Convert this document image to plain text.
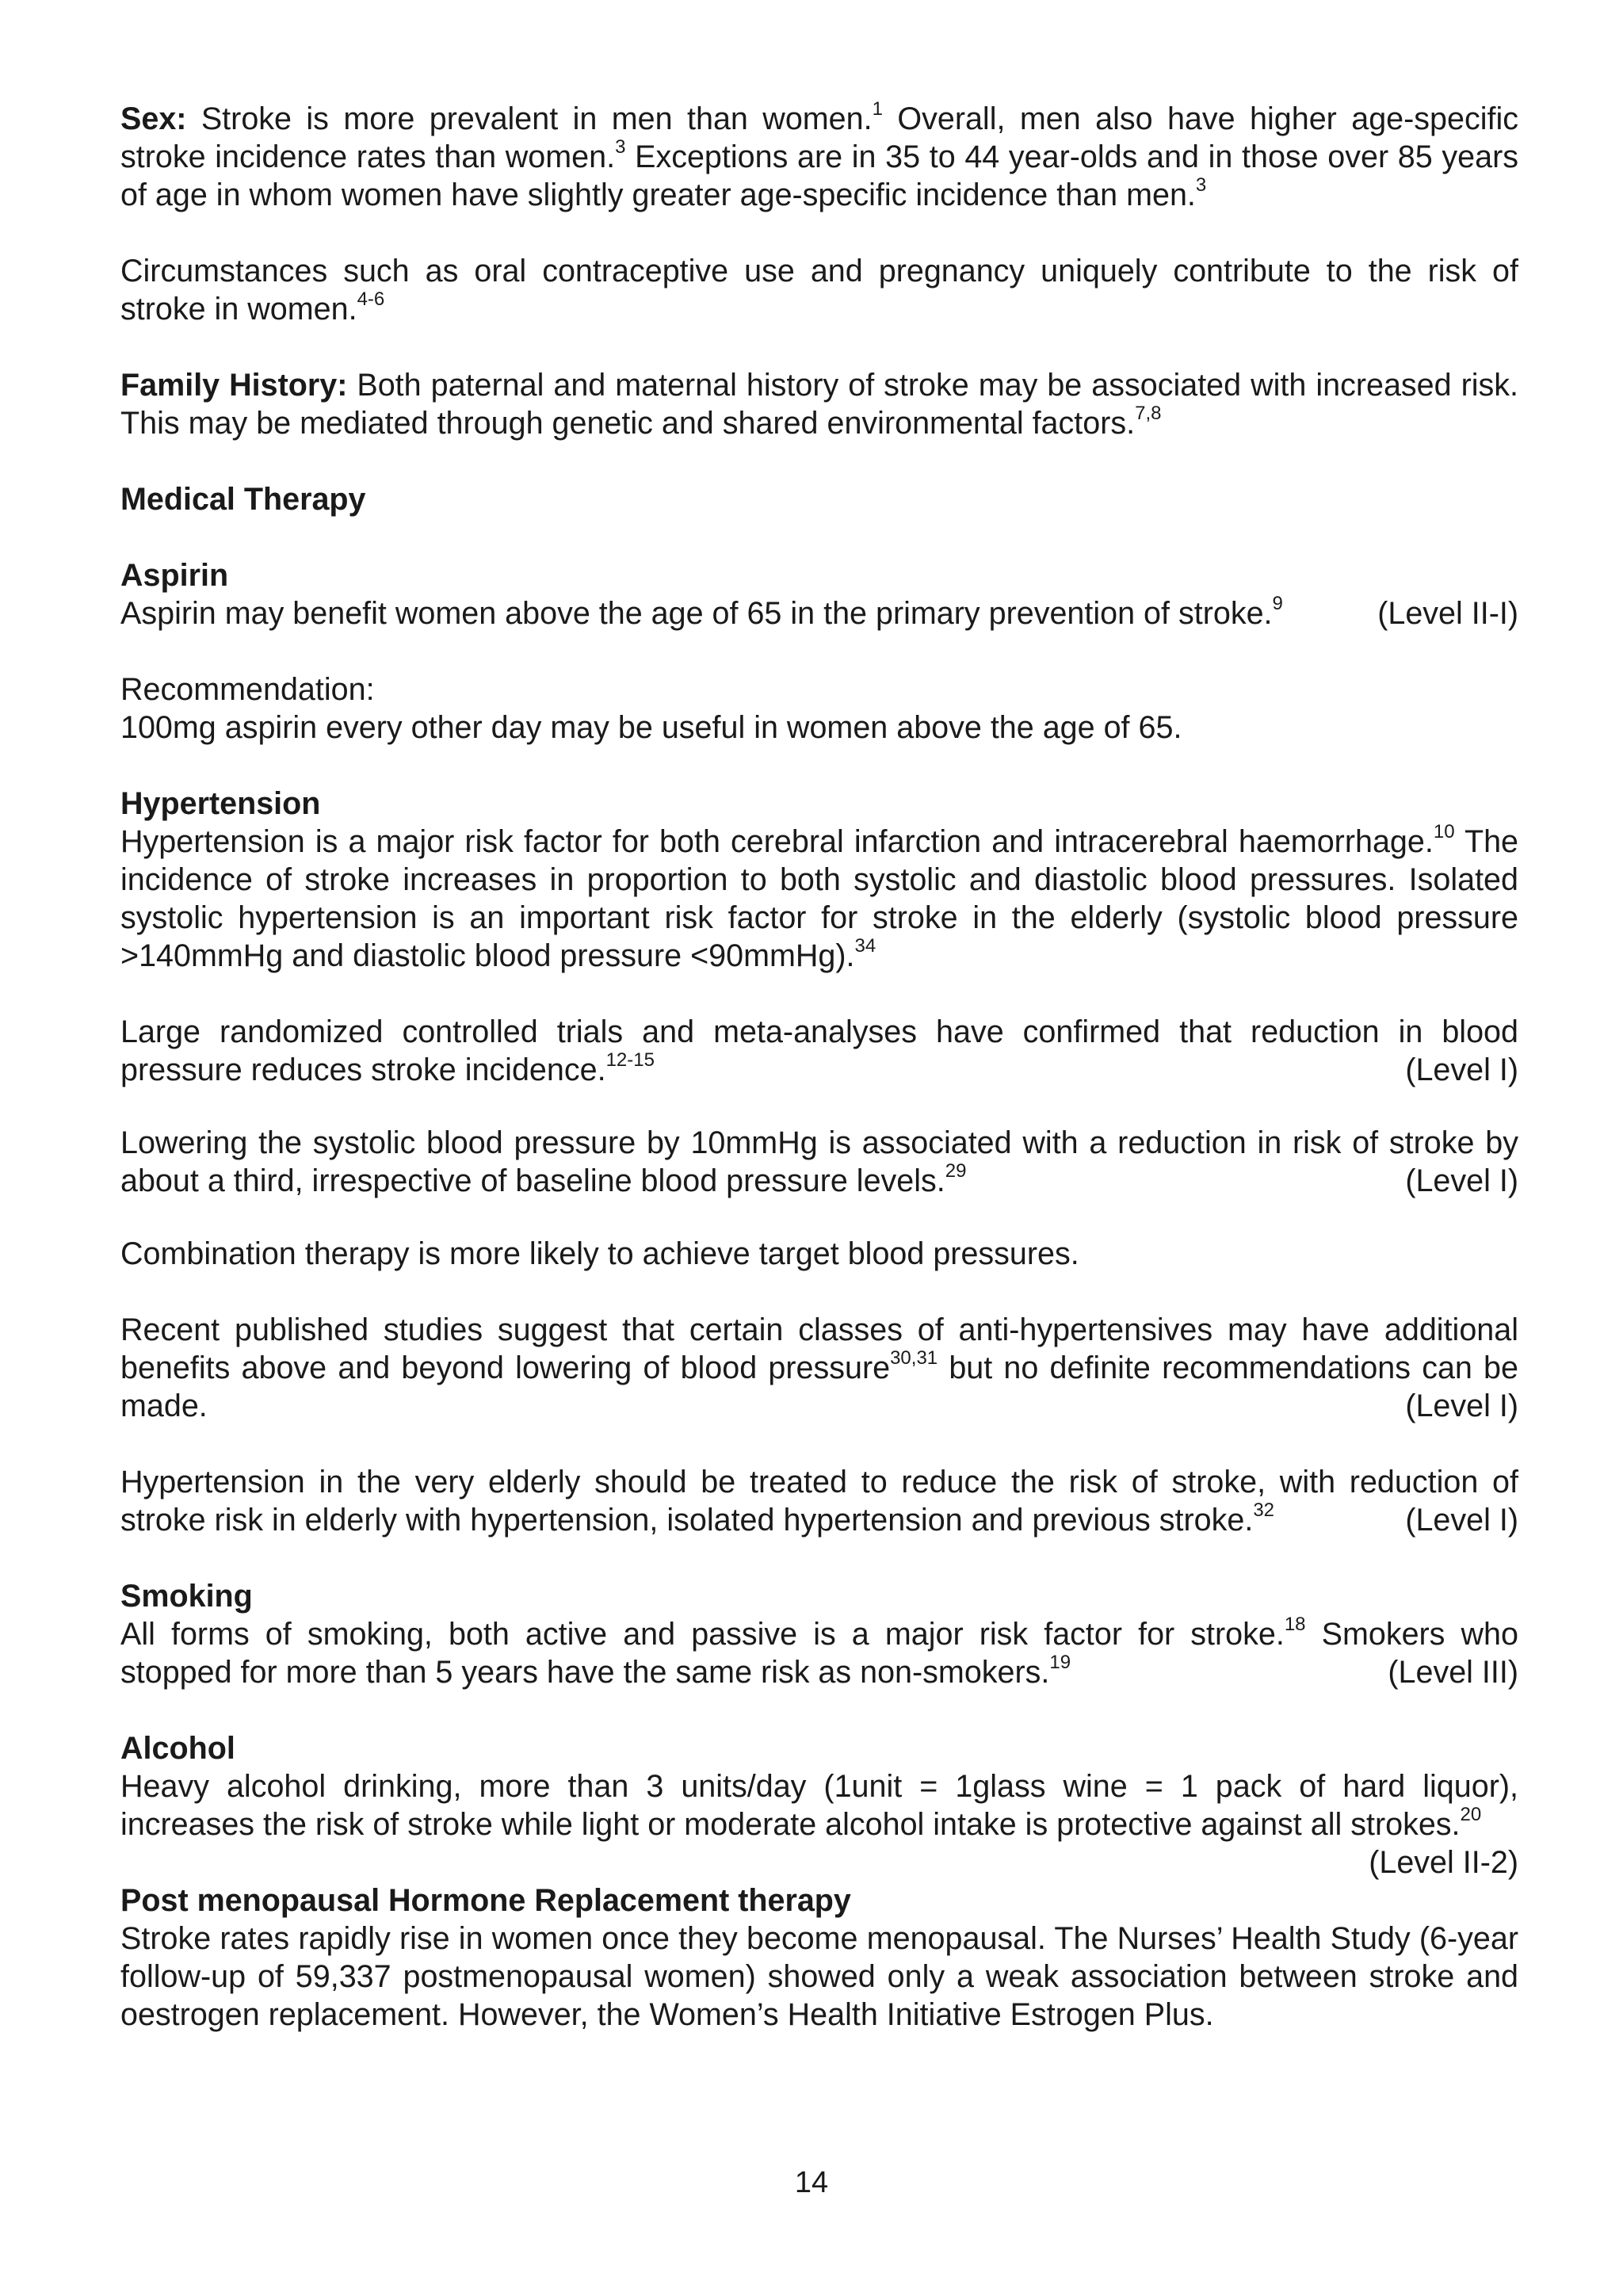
Sex: Stroke is more prevalent in men than women.$^1$ Overall, men also have higher age-specific stroke incidence rates than women.$^3$ Exceptions are in 35 to 44 year-olds and in those over 85 years of age in whom women have slightly greater age-specific incidence than men.$^3$

Circumstances such as oral contraceptive use and pregnancy uniquely contribute to the risk of stroke in women.$^{4-6}$

Family History: Both paternal and maternal history of stroke may be associated with increased risk. This may be mediated through genetic and shared environmental factors.$^{7,8}$

Medical Therapy

Aspirin

(Level II-I)
Aspirin may benefit women above the age of 65 in the primary prevention of stroke.$^9$

Recommendation:

100mg aspirin every other day may be useful in women above the age of 65.

Hypertension

Hypertension is a major risk factor for both cerebral infarction and intracerebral haemorrhage.$^{10}$ The incidence of stroke increases in proportion to both systolic and diastolic blood pressures. Isolated systolic hypertension is an important risk factor for stroke in the elderly (systolic blood pressure >140mmHg and diastolic blood pressure <90mmHg).$^{34}$

Large randomized controlled trials and meta-analyses have confirmed that reduction in blood pressure reduces stroke incidence.$^{12-15}$	(Level I)

Lowering the systolic blood pressure by 10mmHg is associated with a reduction in risk of stroke by about a third, irrespective of baseline blood pressure levels.$^{29}$	(Level I)

Combination therapy is more likely to achieve target blood pressures.

Recent published studies suggest that certain classes of anti-hypertensives may have additional benefits above and beyond lowering of blood pressure$^{30,31}$ but no definite recommendations can be made.	(Level I)

Hypertension in the very elderly should be treated to reduce the risk of stroke, with reduction of stroke risk in elderly with hypertension, isolated hypertension and previous stroke.$^{32}$	(Level I)

Smoking

All forms of smoking, both active and passive is a major risk factor for stroke.$^{18}$ Smokers who stopped for more than 5 years have the same risk as non-smokers.$^{19}$	(Level III)

Alcohol

Heavy alcohol drinking, more than 3 units/day (1unit = 1glass wine = 1 pack of hard liquor), increases the risk of stroke while light or moderate alcohol intake is protective against all strokes.$^{20}$
(Level II-2)

Post menopausal Hormone Replacement therapy

Stroke rates rapidly rise in women once they become menopausal. The Nurses’ Health Study (6-year follow-up of 59,337 postmenopausal women) showed only a weak association between stroke and oestrogen replacement. However, the Women’s Health Initiative Estrogen Plus.

14
